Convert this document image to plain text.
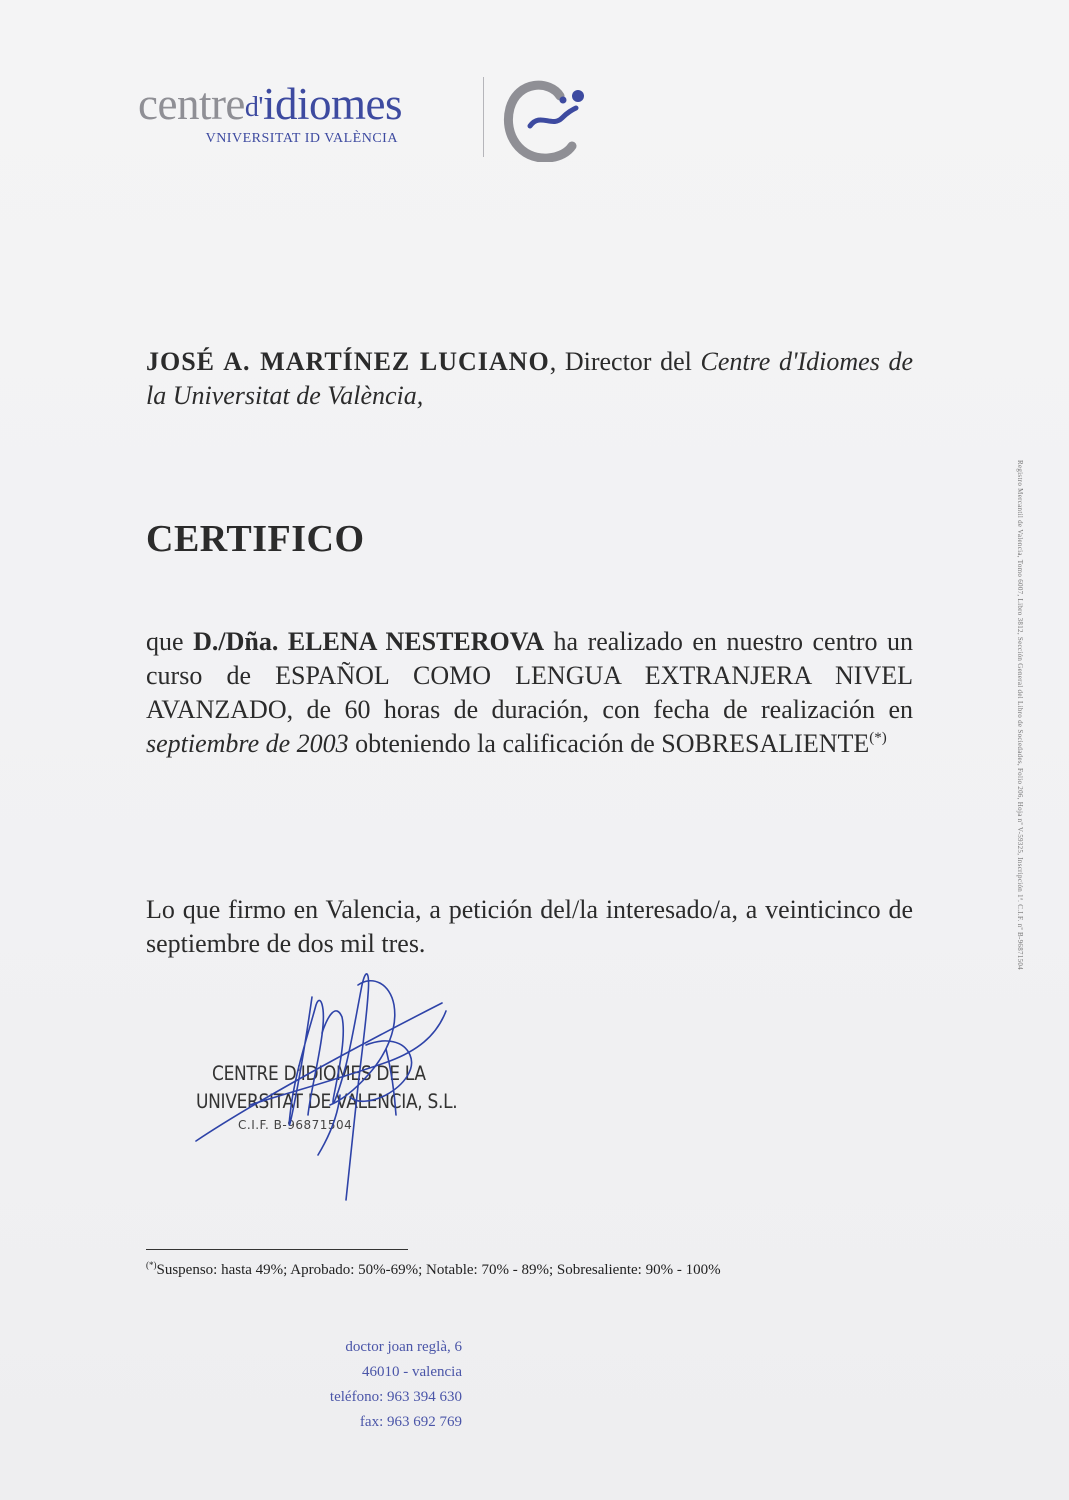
centred'idiomes
VNIVERSITAT ID VALÈNCIA
Registro Mercantil de Valencia, Tomo 6007, Libro 3812, Sección General del Libro de Sociedades, Folio 206, Hoja nº V-59325, Inscripción 1ª. C.I.F. nº B-96871504
JOSÉ A. MARTÍNEZ LUCIANO, Director del Centre d'Idiomes de la Universitat de València,
CERTIFICO
que D./Dña. ELENA NESTEROVA ha realizado en nuestro centro un curso de ESPAÑOL COMO LENGUA EXTRANJERA NIVEL AVANZADO, de 60 horas de duración, con fecha de realización en septiembre de 2003 obteniendo la calificación de SOBRESALIENTE(*)
Lo que firmo en Valencia, a petición del/la interesado/a, a veinticinco de septiembre de dos mil tres.
CENTRE D'IDIOMES DE LA
UNIVERSITAT DE VALENCIA, S.L.
C.I.F. B-96871504
(*)Suspenso: hasta 49%; Aprobado: 50%-69%; Notable: 70% - 89%; Sobresaliente: 90% - 100%
doctor joan reglà, 6
46010 - valencia
teléfono: 963 394 630
fax: 963 692 769
